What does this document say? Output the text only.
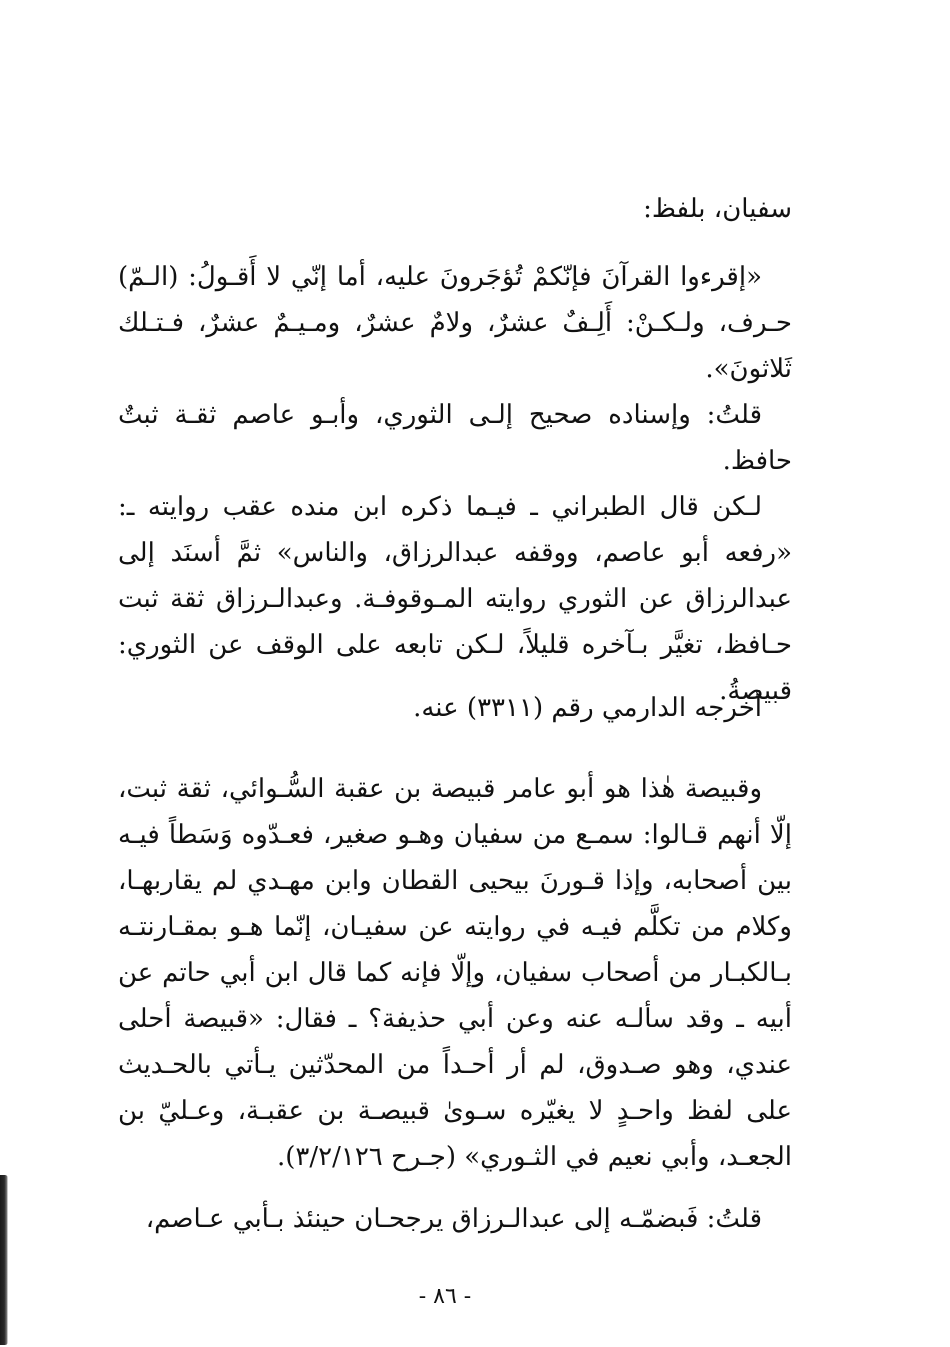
سفيان، بلفظ:
«إقرءوا القرآنَ فإنّكمْ تُؤجَرونَ عليه، أما إنّي لا أَقـولُ: (الـمّ) حـرف، ولـكـنْ: أَلِـفٌ عشرٌ، ولامٌ عشرٌ، ومـيـمٌ عشرٌ، فـتـلك ثَلاثونَ».
قلتُ: وإسناده صحيح إلـى الثوري، وأبـو عاصم ثقـة ثبتٌ حافظ.
لـكن قال الطبراني ـ فيـما ذكره ابن منده عقب روايته ـ: «رفعه أبو عاصم، ووقفه عبدالرزاق، والناس» ثمَّ أسنَد إلى عبدالرزاق عن الثوري روايته المـوقوفـة. وعبدالـرزاق ثقة ثبت حـافظ، تغيَّر بـآخره قليلاً، لـكن تابعه على الوقف عن الثوري: قبيصةُ.
أخرجه الدارمي رقم (٣٣١١) عنه.
وقبيصة هٰذا هو أبو عامر قبيصة بن عقبة السُّـوائي، ثقة ثبت، إلّا أنهم قـالوا: سمـع من سفيان وهـو صغير، فعـدّوه وَسَطاً فيـه بين أصحابه، وإذا قـورنَ بيحيى القطان وابن مهـدي لم يقاربهـا، وكلام من تكلَّم فيـه في روايته عن سفيـان، إنّما هـو بمقـارنتـه بـالكبـار من أصحاب سفيان، وإلّا فإنه كما قال ابن أبي حاتم عن أبيه ـ وقد سألـه عنه وعن أبي حذيفة؟ ـ فقال: «قبيصة أحلى عندي، وهو صـدوق، لم أر أحـداً من المحدّثين يـأتي بالحـديث على لفظ واحـدٍ لا يغيّره سـوىٰ قبيصـة بن عقبـة، وعـليّ بن الجعـد، وأبي نعيم في الثـوري» (جـرح ٣/٢/١٢٦).
قلتُ: فَبضمّـه إلى عبدالـرزاق يرجحـان حينئذ بـأبي عـاصم،
- ٨٦ -
